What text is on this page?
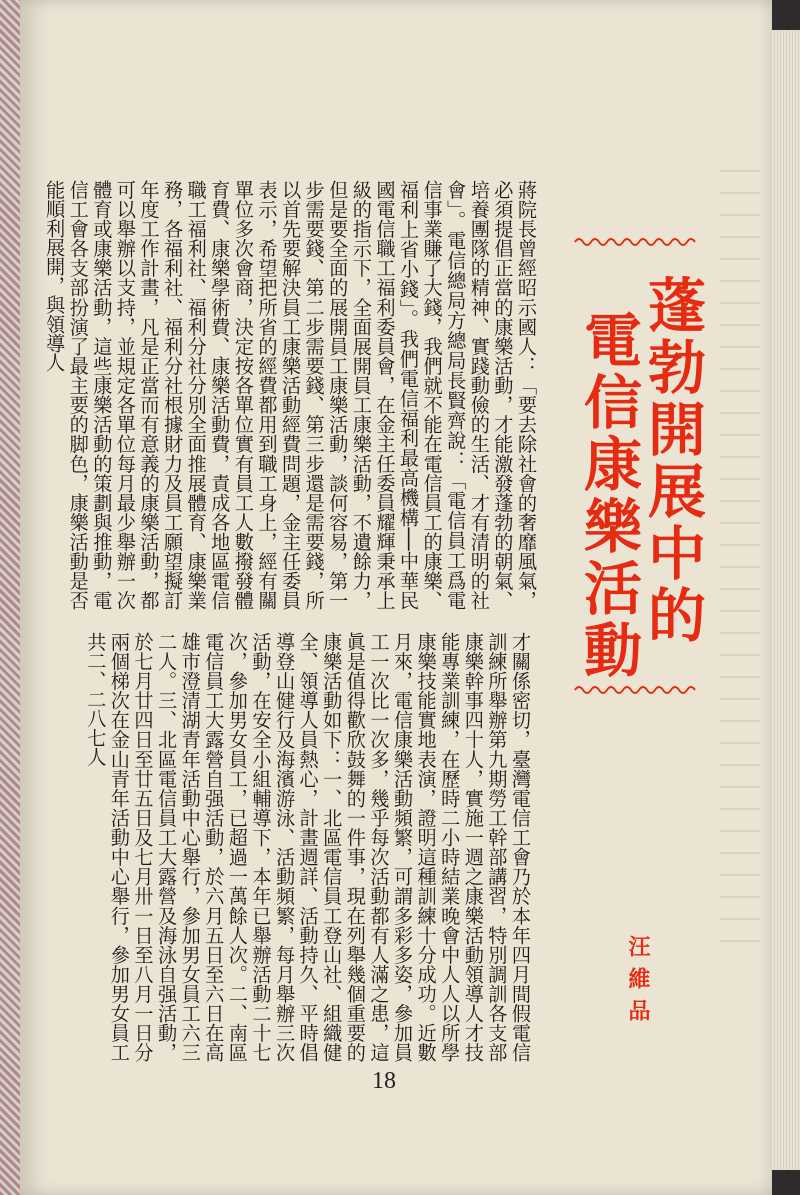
蓬勃開展中的
電信康樂活動

蔣院長曾經昭示國人：「要去除社會的奢靡風氣，必須提倡正當的康樂活動，才能激發蓬勃的朝氣、培養團隊的精神、實踐動儉的生活、才有清明的社會」。電信總局方總局長賢齊說：「電信員工爲電信事業賺了大錢，我們就不能在電信員工的康樂、福利上省小錢」。我們電信福利最高機構──中華民國電信職工福利委員會，在金主任委員耀輝秉承上級的指示下，全面展開員工康樂活動，不遺餘力，但是要全面的展開員工康樂活動，談何容易，第一步需要錢、第二步需要錢、第三步還是需要錢，所以首先要解決員工康樂活動經費問題，金主任委員表示，希望把所省的經費都用到職工身上，經有關單位多次會商，決定按各單位實有員工人數撥發體育費、康樂學術費、康樂活動費，責成各地區電信職工福利社、福利分社分別全面推展體育、康樂業務，各福利社、福利分社根據財力及員工願望擬訂年度工作計畫，凡是正當而有意義的康樂活動，都可以舉辦以支持，並規定各單位每月最少舉辦一次體育或康樂活動，這些康樂活動的策劃與推動，電信工會各支部扮演了最主要的脚色，康樂活動是否能順利展開，與領導人

才關係密切，臺灣電信工會乃於本年四月間假電信訓練所舉辦第九期勞工幹部講習，特別調訓各支部康樂幹事四十人，實施一週之康樂活動領導人才技能專業訓練，在歷時二小時結業晚會中人人以所學康樂技能實地表演，證明這種訓練十分成功。近數月來，電信康樂活動頻繁，可謂多彩多姿，參加員工一次比一次多，幾乎每次活動都有人滿之患，這眞是值得歡欣鼓舞的一件事，現在列舉幾個重要的康樂活動如下：一、北區電信員工登山社、組織健全、領導人員熱心，計畫週詳、活動持久、平時倡導登山健行及海濱游泳、活動頻繁，每月舉辦三次活動，在安全小組輔導下，本年已舉辦活動二十七次，參加男女員工，已超過一萬餘人次。二、南區電信員工大露營自强活動，於六月五日至六日在高雄市澄清湖青年活動中心舉行，參加男女員工六三二人。三、北區電信員工大露營及海泳自强活動，於七月廿四日至廿五日及七月卅一日至八月一日分兩個梯次在金山青年活動中心舉行，參加男女員工共二、二八七人

汪維品
18
